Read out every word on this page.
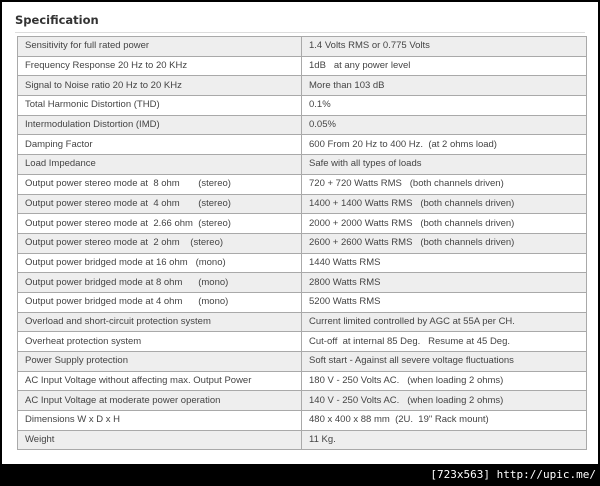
Specification
Sensitivity for full rated power	1.4 Volts RMS or 0.775 Volts
Frequency Response 20 Hz to 20 KHz	1dB   at any power level
Signal to Noise ratio 20 Hz to 20 KHz	More than 103 dB
Total Harmonic Distortion (THD)	0.1%
Intermodulation Distortion (IMD)	0.05%
Damping Factor	600 From 20 Hz to 400 Hz.  (at 2 ohms load)
Load Impedance	Safe with all types of loads
Output power stereo mode at  8 ohm       (stereo)	720 + 720 Watts RMS   (both channels driven)
Output power stereo mode at  4 ohm       (stereo)	1400 + 1400 Watts RMS   (both channels driven)
Output power stereo mode at  2.66 ohm  (stereo)	2000 + 2000 Watts RMS   (both channels driven)
Output power stereo mode at  2 ohm    (stereo)	2600 + 2600 Watts RMS   (both channels driven)
Output power bridged mode at 16 ohm   (mono)	1440 Watts RMS
Output power bridged mode at 8 ohm      (mono)	2800 Watts RMS
Output power bridged mode at 4 ohm      (mono)	5200 Watts RMS
Overload and short-circuit protection system	Current limited controlled by AGC at 55A per CH.
Overheat protection system	Cut-off  at internal 85 Deg.   Resume at 45 Deg.
Power Supply protection	Soft start - Against all severe voltage fluctuations
AC Input Voltage without affecting max. Output Power	180 V - 250 Volts AC.   (when loading 2 ohms)
AC Input Voltage at moderate power operation	140 V - 250 Volts AC.   (when loading 2 ohms)
Dimensions W x D x H	480 x 400 x 88 mm  (2U.  19" Rack mount)
Weight	11 Kg.
[723x563] http://upic.me/
